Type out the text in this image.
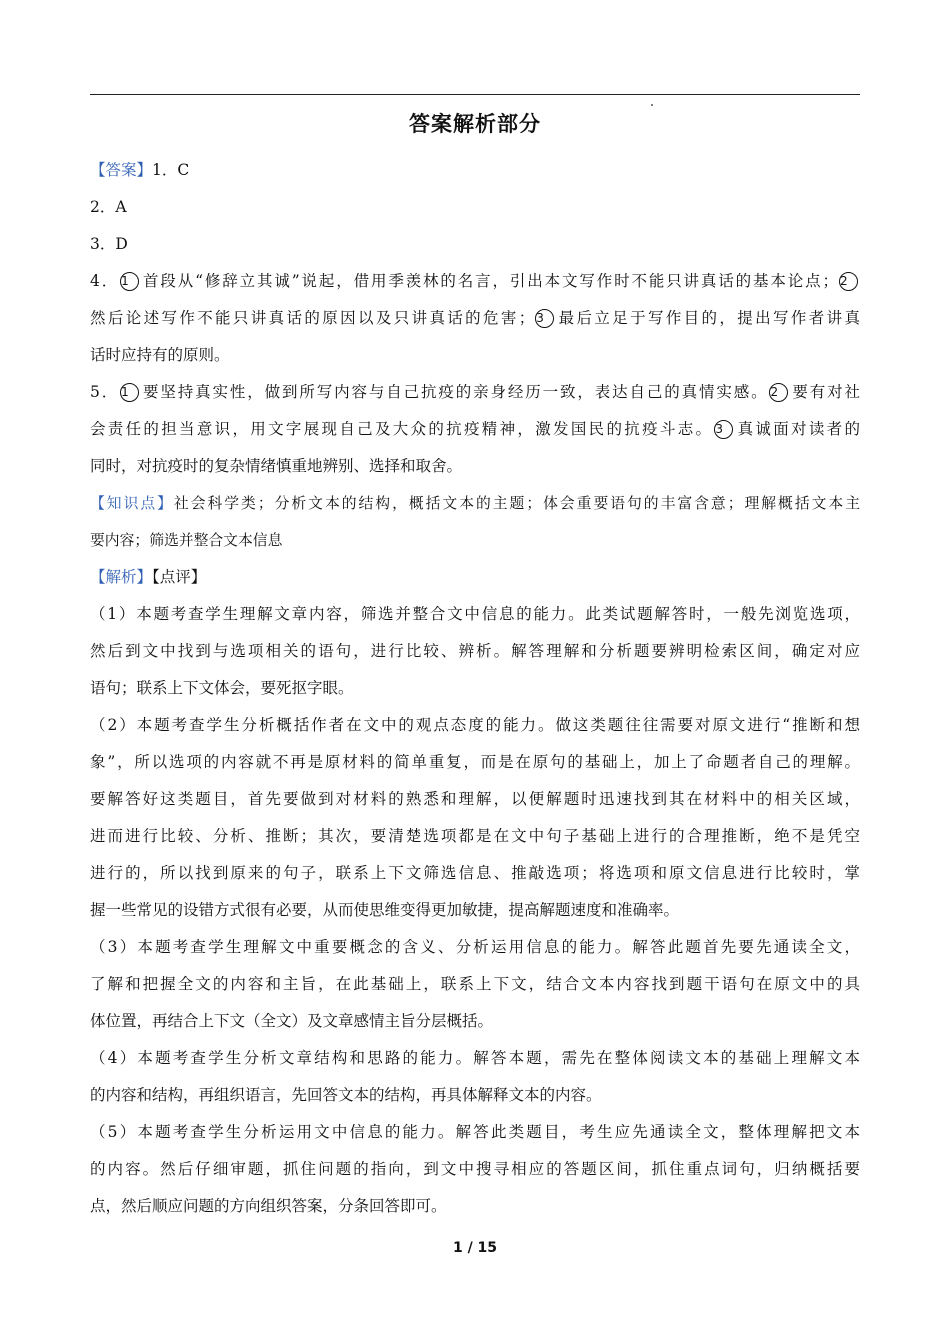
答案解析部分
【答案】1．C
2．A
3．D
4． 1 首段从“修辞立其诚”说起，借用季羡林的名言，引出本文写作时不能只讲真话的基本论点； 2
然后论述写作不能只讲真话的原因以及只讲真话的危害； 3 最后立足于写作目的，提出写作者讲真
话时应持有的原则。
5． 1 要坚持真实性，做到所写内容与自己抗疫的亲身经历一致，表达自己的真情实感。 2 要有对社
会责任的担当意识，用文字展现自己及大众的抗疫精神，激发国民的抗疫斗志。 3 真诚面对读者的
同时，对抗疫时的复杂情绪慎重地辨别、选择和取舍。
【知识点】社会科学类；分析文本的结构，概括文本的主题；体会重要语句的丰富含意；理解概括文本主
要内容；筛选并整合文本信息
【解析】【点评】
（1）本题考查学生理解文章内容，筛选并整合文中信息的能力。此类试题解答时，一般先浏览选项，
然后到文中找到与选项相关的语句，进行比较、辨析。解答理解和分析题要辨明检索区间，确定对应
语句；联系上下文体会，要死抠字眼。
（2）本题考查学生分析概括作者在文中的观点态度的能力。做这类题往往需要对原文进行“推断和想
象”，所以选项的内容就不再是原材料的简单重复，而是在原句的基础上，加上了命题者自己的理解。
要解答好这类题目，首先要做到对材料的熟悉和理解，以便解题时迅速找到其在材料中的相关区域，
进而进行比较、分析、推断；其次，要清楚选项都是在文中句子基础上进行的合理推断，绝不是凭空
进行的，所以找到原来的句子，联系上下文筛选信息、推敲选项；将选项和原文信息进行比较时，掌
握一些常见的设错方式很有必要，从而使思维变得更加敏捷，提高解题速度和准确率。
（3）本题考查学生理解文中重要概念的含义、分析运用信息的能力。解答此题首先要先通读全文，
了解和把握全文的内容和主旨，在此基础上，联系上下文，结合文本内容找到题干语句在原文中的具
体位置，再结合上下文（全文）及文章感情主旨分层概括。
（4）本题考查学生分析文章结构和思路的能力。解答本题，需先在整体阅读文本的基础上理解文本
的内容和结构，再组织语言，先回答文本的结构，再具体解释文本的内容。
（5）本题考查学生分析运用文中信息的能力。解答此类题目，考生应先通读全文，整体理解把文本
的内容。然后仔细审题，抓住问题的指向，到文中搜寻相应的答题区间，抓住重点词句，归纳概括要
点，然后顺应问题的方向组织答案，分条回答即可。
1 / 15
